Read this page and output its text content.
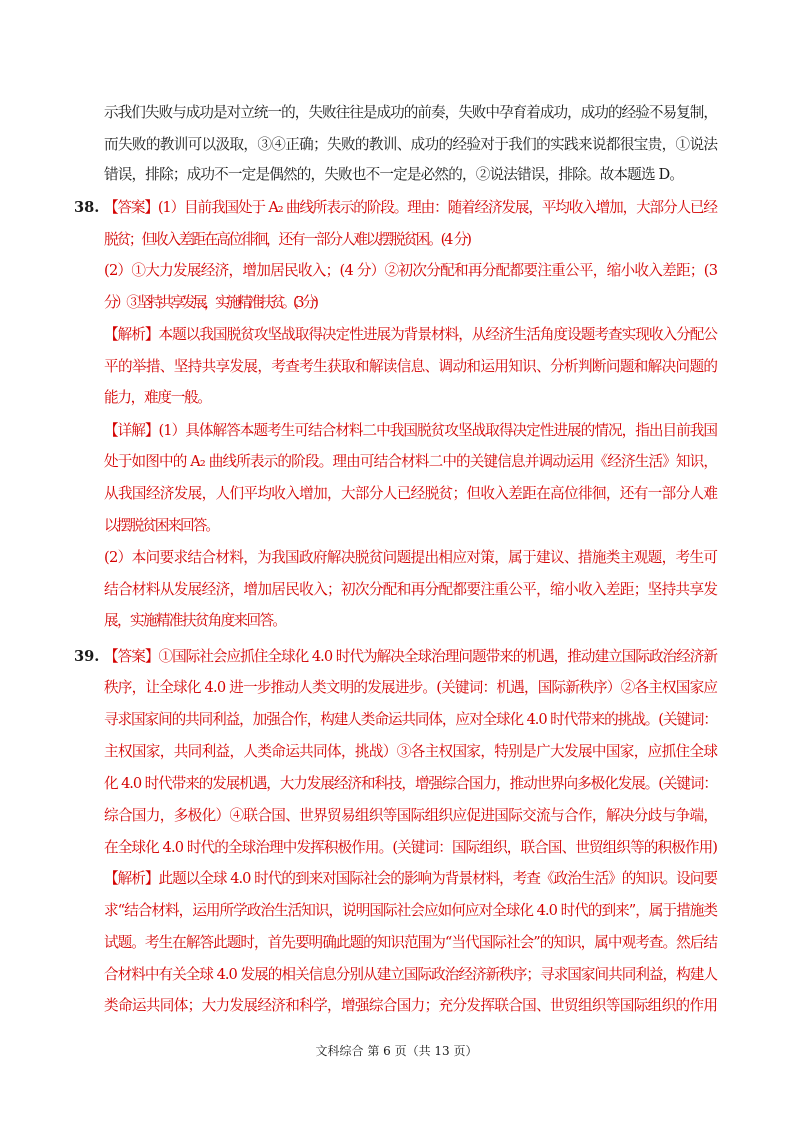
示我们失败与成功是对立统一的，失败往往是成功的前奏，失败中孕育着成功，成功的经验不易复制，
而失败的教训可以汲取，③④正确；失败的教训、成功的经验对于我们的实践来说都很宝贵，①说法
错误，排除；成功不一定是偶然的，失败也不一定是必然的，②说法错误，排除。故本题选 D。
38. 【答案】(1）目前我国处于 A₂ 曲线所表示的阶段。理由：随着经济发展，平均收入增加，大部分人已经
脱贫；但收入差距在高位徘徊，还有一部分人难以摆脱贫困。(4 分)
(2）①大力发展经济，增加居民收入；(4 分）②初次分配和再分配都要注重公平，缩小收入差距；(3
分）③坚持共享发展，实施精准扶贫。(3 分)
【解析】本题以我国脱贫攻坚战取得决定性进展为背景材料，从经济生活角度设题考查实现收入分配公
平的举措、坚持共享发展，考查考生获取和解读信息、调动和运用知识、分析判断问题和解决问题的
能力，难度一般。
【详解】(1）具体解答本题考生可结合材料二中我国脱贫攻坚战取得决定性进展的情况，指出目前我国
处于如图中的 A₂ 曲线所表示的阶段。理由可结合材料二中的关键信息并调动运用《经济生活》知识，
从我国经济发展，人们平均收入增加，大部分人已经脱贫；但收入差距在高位徘徊，还有一部分人难
以摆脱贫困来回答。
(2）本问要求结合材料，为我国政府解决脱贫问题提出相应对策，属于建议、措施类主观题，考生可
结合材料从发展经济，增加居民收入；初次分配和再分配都要注重公平，缩小收入差距；坚持共享发
展，实施精准扶贫角度来回答。
39. 【答案】①国际社会应抓住全球化 4.0 时代为解决全球治理问题带来的机遇，推动建立国际政治经济新
秩序，让全球化 4.0 进一步推动人类文明的发展进步。(关键词：机遇，国际新秩序）②各主权国家应
寻求国家间的共同利益，加强合作，构建人类命运共同体，应对全球化 4.0 时代带来的挑战。(关键词：
主权国家，共同利益，人类命运共同体，挑战）③各主权国家，特别是广大发展中国家，应抓住全球
化 4.0 时代带来的发展机遇，大力发展经济和科技，增强综合国力，推动世界向多极化发展。(关键词：
综合国力，多极化）④联合国、世界贸易组织等国际组织应促进国际交流与合作，解决分歧与争端，
在全球化 4.0 时代的全球治理中发挥积极作用。(关键词：国际组织，联合国、世贸组织等的积极作用)
【解析】此题以全球 4.0 时代的到来对国际社会的影响为背景材料，考查《政治生活》的知识。设问要
求“结合材料，运用所学政治生活知识，说明国际社会应如何应对全球化 4.0 时代的到来”，属于措施类
试题。考生在解答此题时，首先要明确此题的知识范围为“当代国际社会”的知识，属中观考查。然后结
合材料中有关全球 4.0 发展的相关信息分别从建立国际政治经济新秩序；寻求国家间共同利益，构建人
类命运共同体；大力发展经济和科学，增强综合国力；充分发挥联合国、世贸组织等国际组织的作用
文科综合 第 6 页（共 13 页）
